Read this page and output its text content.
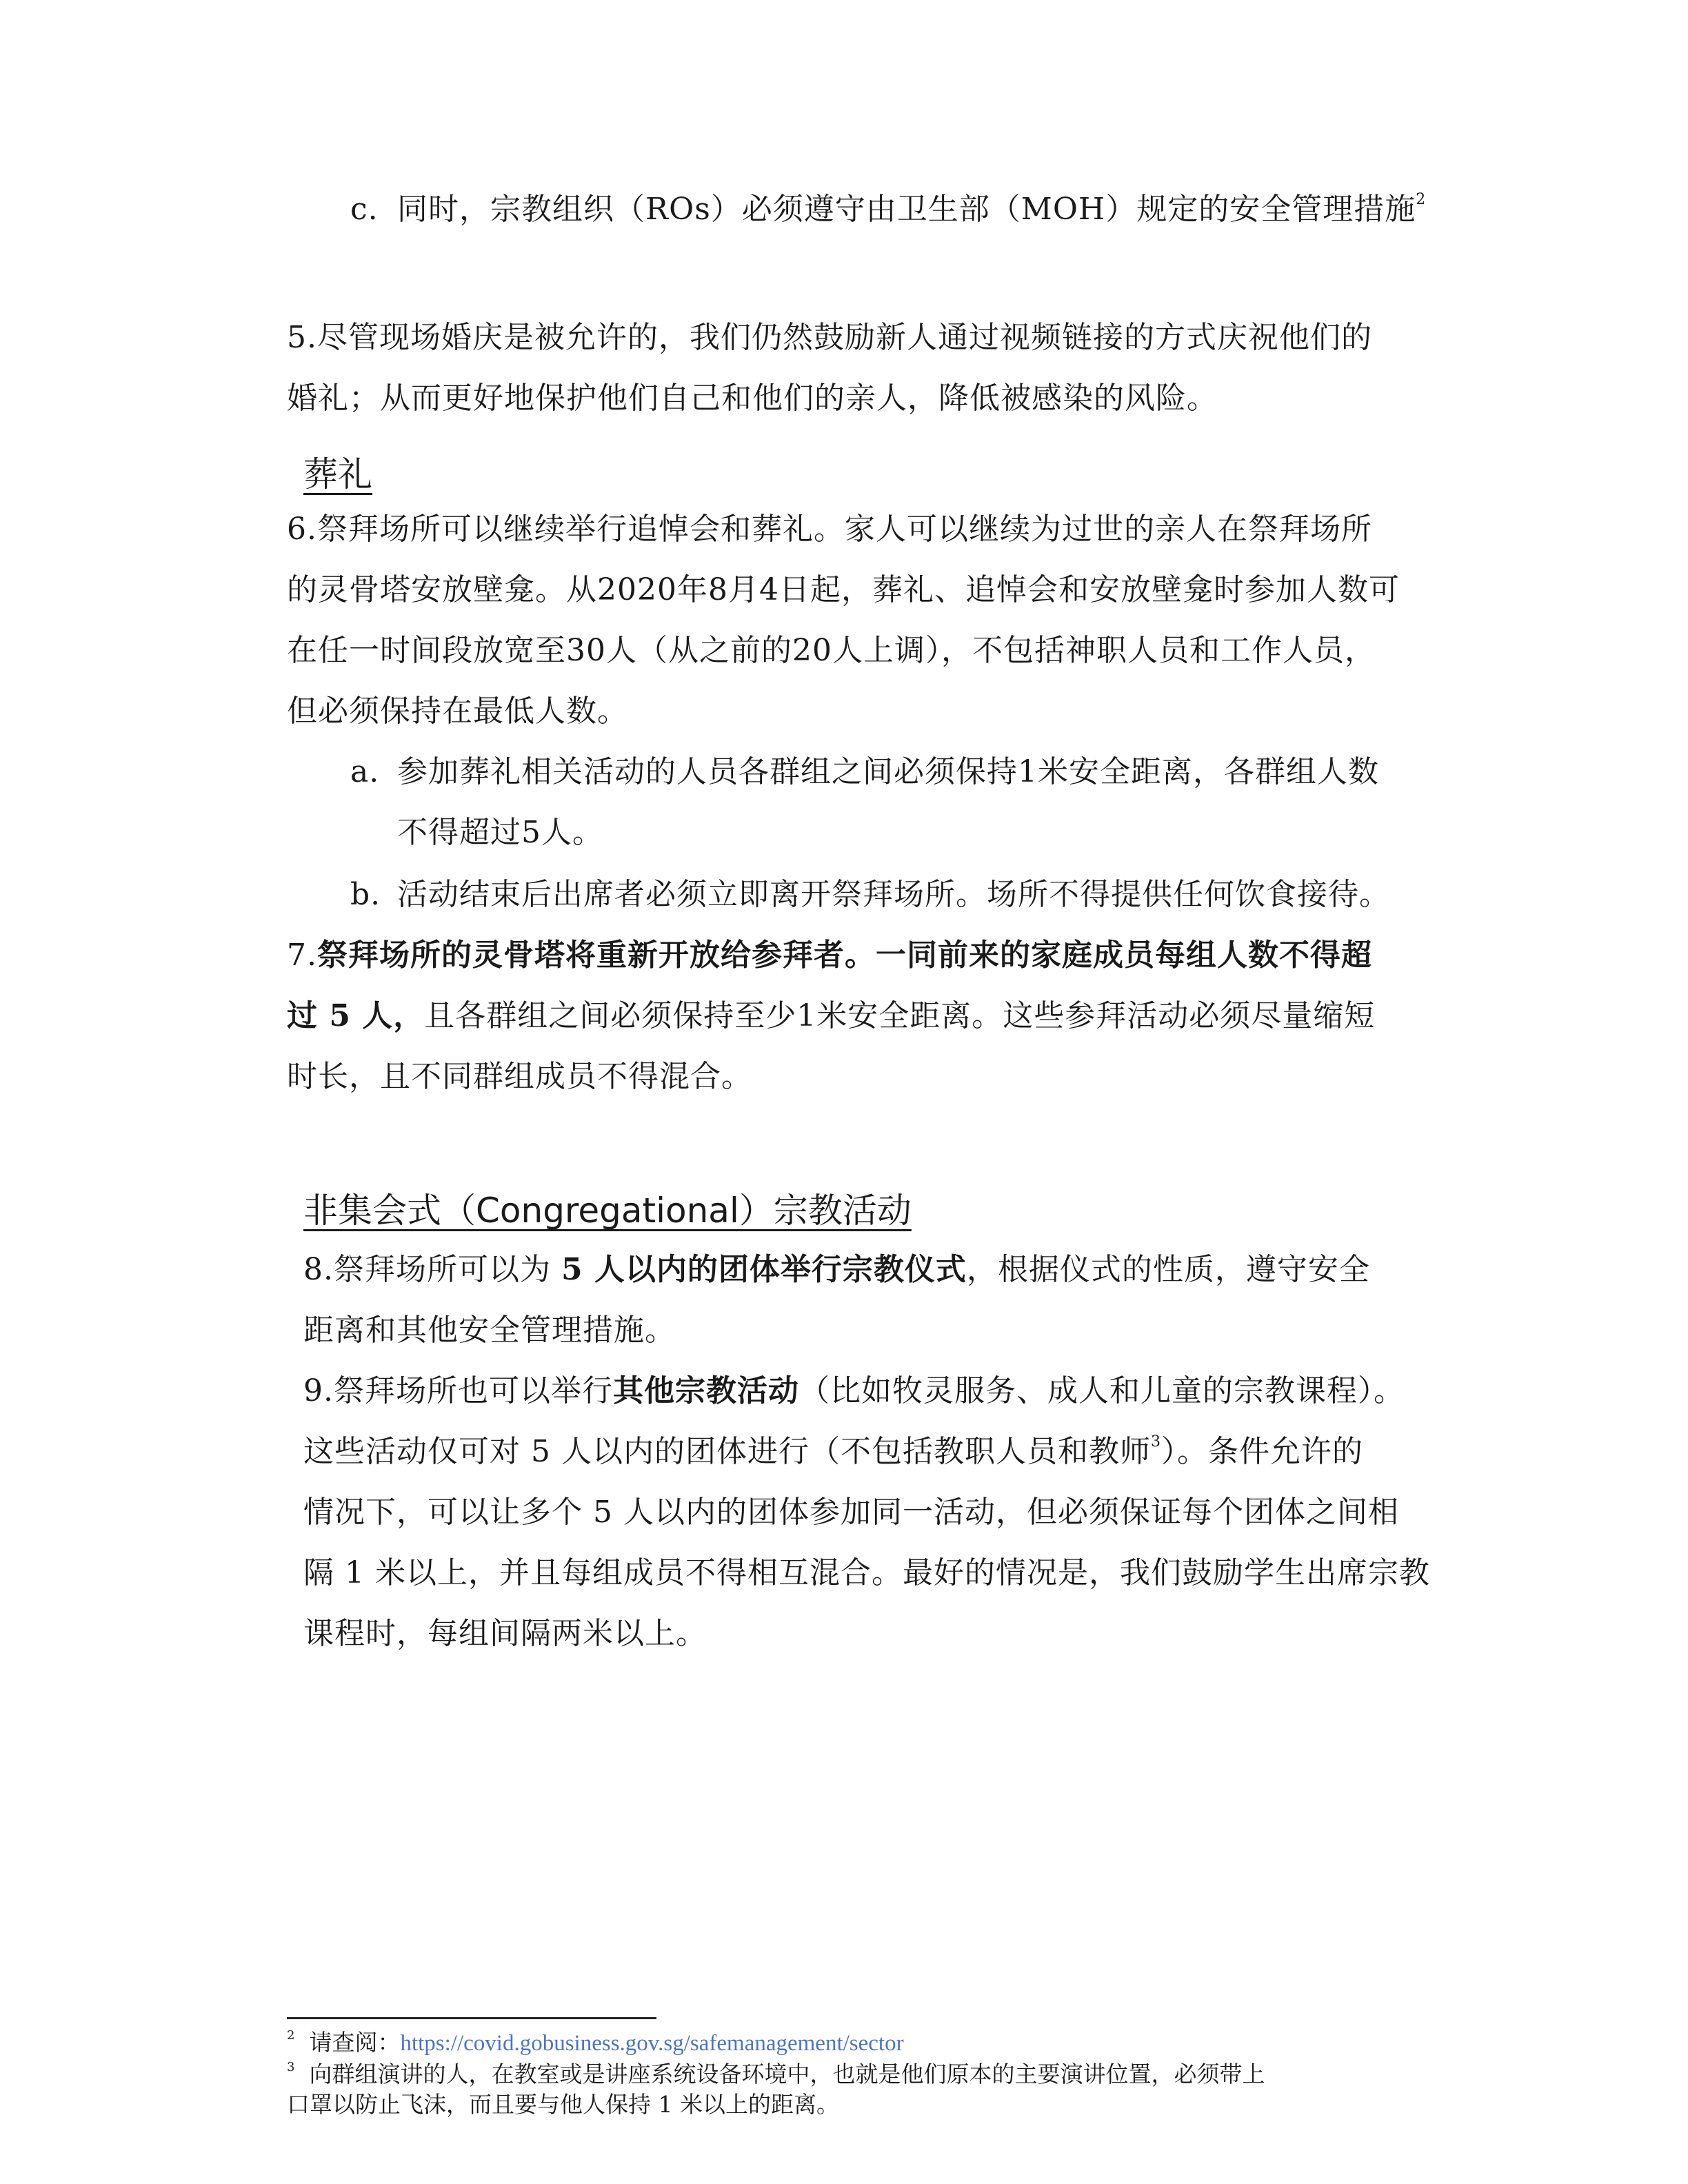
c. 同时，宗教组织（ROs）必须遵守由卫生部（MOH）规定的安全管理措施$^2$
5.尽管现场婚庆是被允许的，我们仍然鼓励新人通过视频链接的方式庆祝他们的
婚礼；从而更好地保护他们自己和他们的亲人，降低被感染的风险。
葬礼
6.祭拜场所可以继续举行追悼会和葬礼。家人可以继续为过世的亲人在祭拜场所
的灵骨塔安放壁龛。从2020年8月4日起，葬礼、追悼会和安放壁龛时参加人数可
在任一时间段放宽至30人（从之前的20人上调），不包括神职人员和工作人员，
但必须保持在最低人数。
a. 参加葬礼相关活动的人员各群组之间必须保持1米安全距离，各群组人数
不得超过5人。
b. 活动结束后出席者必须立即离开祭拜场所。场所不得提供任何饮食接待。
7.祭拜场所的灵骨塔将重新开放给参拜者。一同前来的家庭成员每组人数不得超
过 5 人，且各群组之间必须保持至少1米安全距离。这些参拜活动必须尽量缩短
时长，且不同群组成员不得混合。
非集会式（Congregational）宗教活动
8.祭拜场所可以为 5 人以内的团体举行宗教仪式，根据仪式的性质，遵守安全
距离和其他安全管理措施。
9.祭拜场所也可以举行其他宗教活动（比如牧灵服务、成人和儿童的宗教课程）。
这些活动仅可对 5 人以内的团体进行（不包括教职人员和教师$^3$）。条件允许的
情况下，可以让多个 5 人以内的团体参加同一活动，但必须保证每个团体之间相
隔 1 米以上，并且每组成员不得相互混合。最好的情况是，我们鼓励学生出席宗教
课程时，每组间隔两米以上。
$^2$ 请查阅：https://covid.gobusiness.gov.sg/safemanagement/sector
$^3$ 向群组演讲的人，在教室或是讲座系统设备环境中，也就是他们原本的主要演讲位置，必须带上
口罩以防止飞沫，而且要与他人保持 1 米以上的距离。
